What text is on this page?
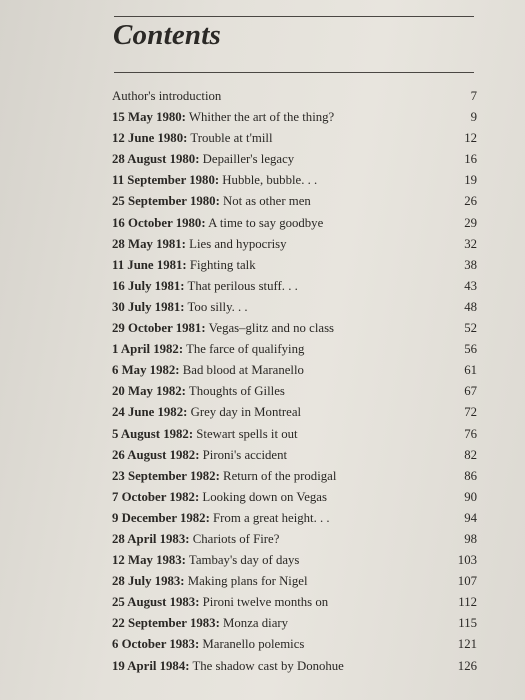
Contents
Author's introduction	7
15 May 1980: Whither the art of the thing?	9
12 June 1980: Trouble at t'mill	12
28 August 1980: Depailler's legacy	16
11 September 1980: Hubble, bubble. . .	19
25 September 1980: Not as other men	26
16 October 1980: A time to say goodbye	29
28 May 1981: Lies and hypocrisy	32
11 June 1981: Fighting talk	38
16 July 1981: That perilous stuff. . .	43
30 July 1981: Too silly. . .	48
29 October 1981: Vegas–glitz and no class	52
1 April 1982: The farce of qualifying	56
6 May 1982: Bad blood at Maranello	61
20 May 1982: Thoughts of Gilles	67
24 June 1982: Grey day in Montreal	72
5 August 1982: Stewart spells it out	76
26 August 1982: Pironi's accident	82
23 September 1982: Return of the prodigal	86
7 October 1982: Looking down on Vegas	90
9 December 1982: From a great height. . .	94
28 April 1983: Chariots of Fire?	98
12 May 1983: Tambay's day of days	103
28 July 1983: Making plans for Nigel	107
25 August 1983: Pironi twelve months on	112
22 September 1983: Monza diary	115
6 October 1983: Maranello polemics	121
19 April 1984: The shadow cast by Donohue	126
